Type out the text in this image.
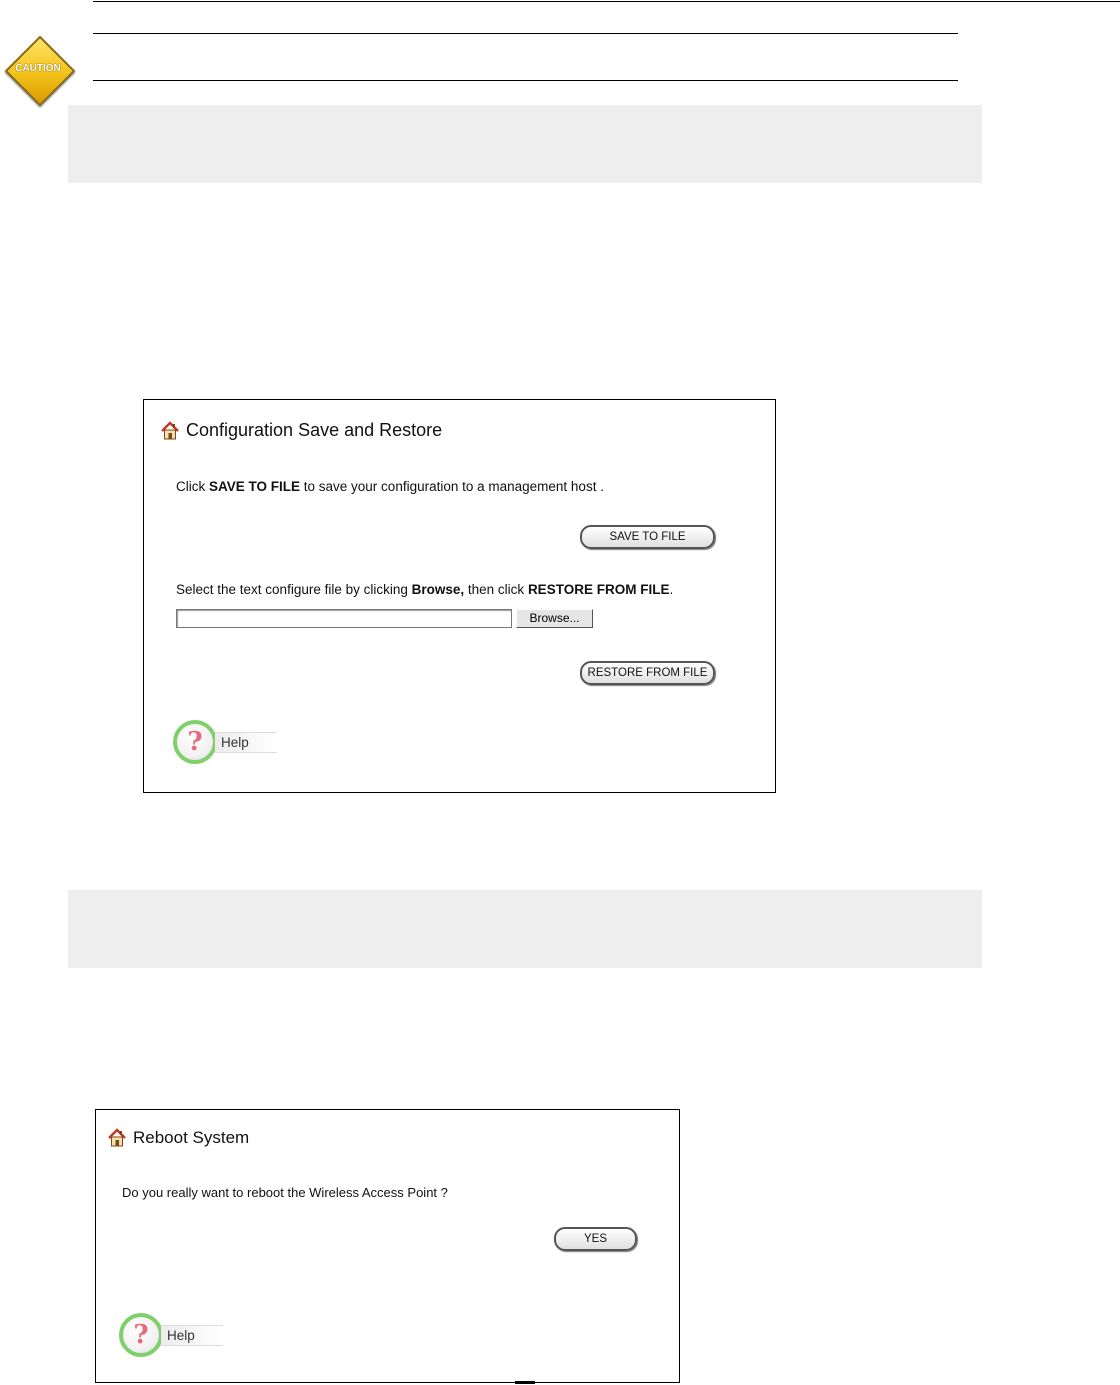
CAUTION
Configuration Save and Restore
Click SAVE TO FILE to save your configuration to a management host .
SAVE TO FILE
Select the text configure file by clicking Browse, then click RESTORE FROM FILE.
Browse...
RESTORE FROM FILE
?	Help
Reboot System
Do you really want to reboot the Wireless Access Point ?
YES
?	Help
